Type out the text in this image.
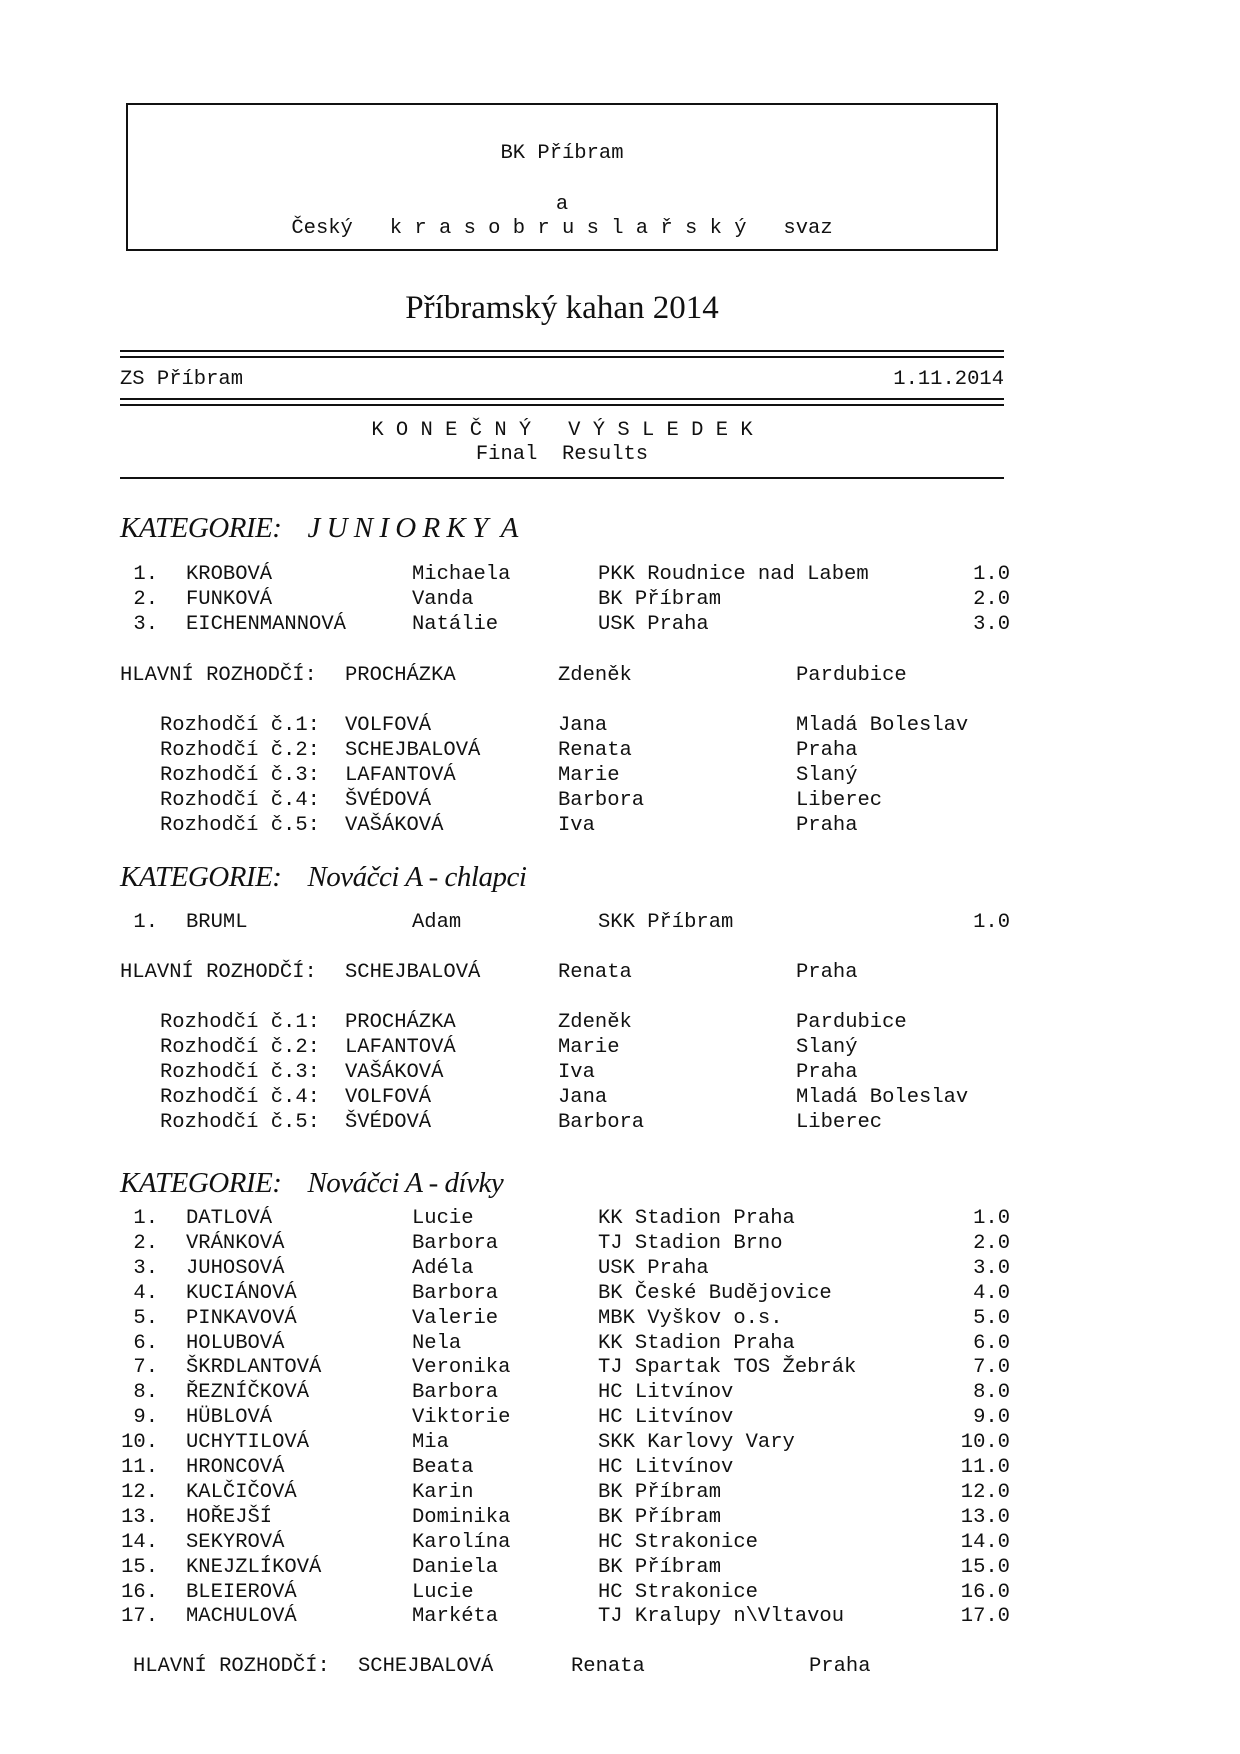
BK Příbram
a
Český   k r a s o b r u s l a ř s k ý   svaz
Příbramský kahan 2014
ZS Příbram	1.11.2014
K O N E Č N Ý   V Ý S L E D E K
Final  Results
KATEGORIE: J U N I O R K Y  A
1. KROBOVÁ	Michaela	PKK Roudnice nad Labem	1.0
2. FUNKOVÁ	Vanda	BK Příbram	2.0
3. EICHENMANNOVÁ	Natálie	USK Praha	3.0
HLAVNÍ ROZHODČÍ: PROCHÁZKA	Zdeněk	Pardubice
Rozhodčí č.1: VOLFOVÁ	Jana	Mladá Boleslav
Rozhodčí č.2: SCHEJBALOVÁ	Renata	Praha
Rozhodčí č.3: LAFANTOVÁ	Marie	Slaný
Rozhodčí č.4: ŠVÉDOVÁ	Barbora	Liberec
Rozhodčí č.5: VAŠÁKOVÁ	Iva	Praha
KATEGORIE: Nováčci A - chlapci
1. BRUML	Adam	SKK Příbram	1.0
HLAVNÍ ROZHODČÍ: SCHEJBALOVÁ	Renata	Praha
Rozhodčí č.1: PROCHÁZKA	Zdeněk	Pardubice
Rozhodčí č.2: LAFANTOVÁ	Marie	Slaný
Rozhodčí č.3: VAŠÁKOVÁ	Iva	Praha
Rozhodčí č.4: VOLFOVÁ	Jana	Mladá Boleslav
Rozhodčí č.5: ŠVÉDOVÁ	Barbora	Liberec
KATEGORIE: Nováčci A - dívky
1. DATLOVÁ	Lucie	KK Stadion Praha	1.0
2. VRÁNKOVÁ	Barbora	TJ Stadion Brno	2.0
3. JUHOSOVÁ	Adéla	USK Praha	3.0
4. KUCIÁNOVÁ	Barbora	BK České Budějovice	4.0
5. PINKAVOVÁ	Valerie	MBK Vyškov o.s.	5.0
6. HOLUBOVÁ	Nela	KK Stadion Praha	6.0
7. ŠKRDLANTOVÁ	Veronika	TJ Spartak TOS Žebrák	7.0
8. ŘEZNÍČKOVÁ	Barbora	HC Litvínov	8.0
9. HÜBLOVÁ	Viktorie	HC Litvínov	9.0
10. UCHYTILOVÁ	Mia	SKK Karlovy Vary	10.0
11. HRONCOVÁ	Beata	HC Litvínov	11.0
12. KALČIČOVÁ	Karin	BK Příbram	12.0
13. HOŘEJŠÍ	Dominika	BK Příbram	13.0
14. SEKYROVÁ	Karolína	HC Strakonice	14.0
15. KNEJZLÍKOVÁ	Daniela	BK Příbram	15.0
16. BLEIEROVÁ	Lucie	HC Strakonice	16.0
17. MACHULOVÁ	Markéta	TJ Kralupy n\Vltavou	17.0
HLAVNÍ ROZHODČÍ: SCHEJBALOVÁ	Renata	Praha
